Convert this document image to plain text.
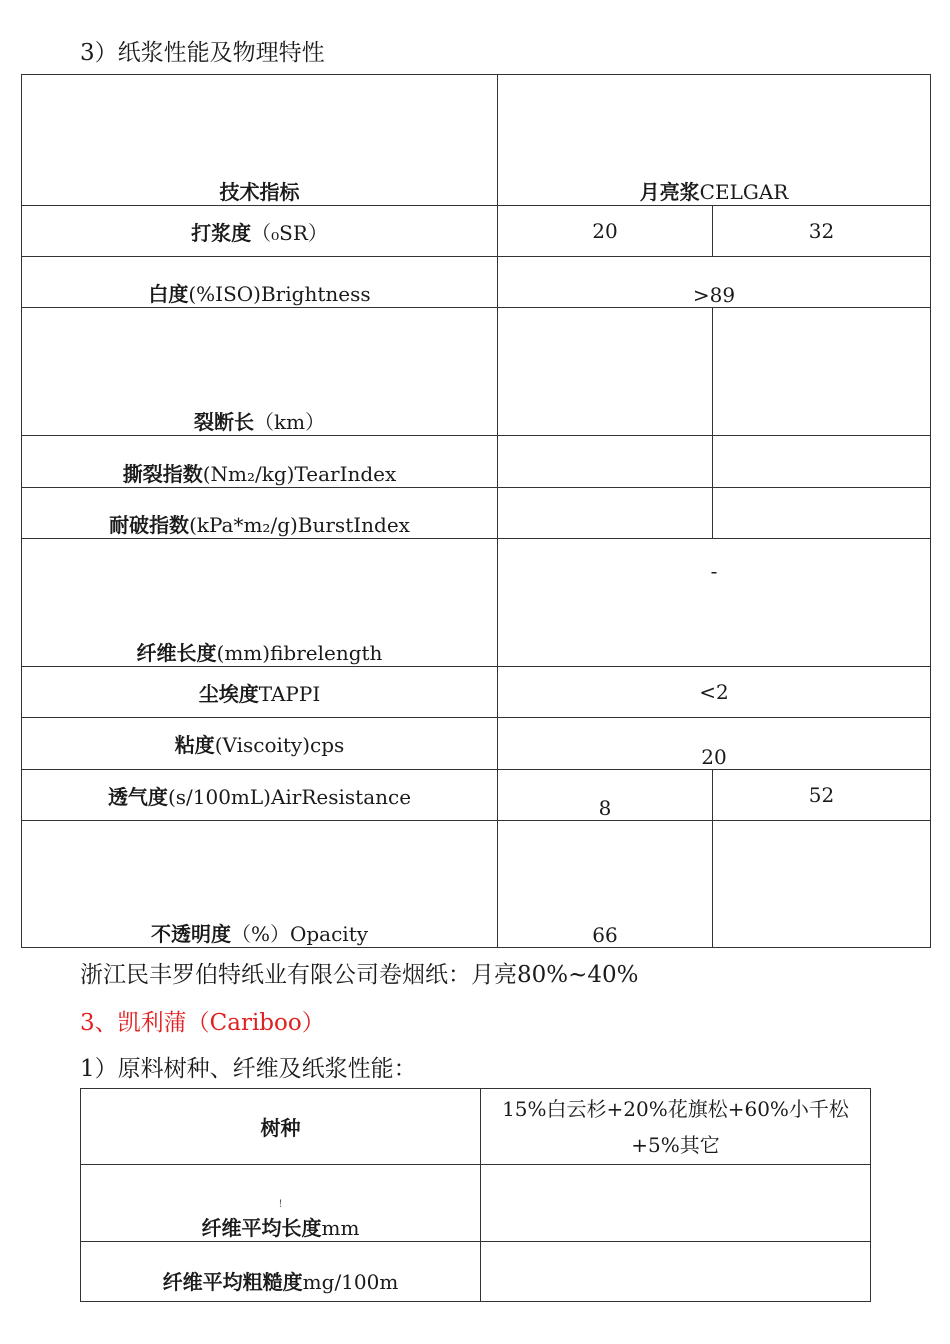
3）纸浆性能及物理特性
技术指标	月亮浆CELGAR	
打浆度（₀SR）	20	32
白度(%ISO)Brightness	>89	
裂断长（km）		
撕裂指数(Nm₂/kg)TearIndex		
耐破指数(kPa*m₂/g)BurstIndex		
纤维长度(mm)fibrelength	-	
尘埃度TAPPI	<2	
粘度(Viscoity)cps	20	
透气度(s/100mL)AirResistance	8	52
不透明度（%）Opacity	66	
浙江民丰罗伯特纸业有限公司卷烟纸：月亮80%~40%
3、凯利蒲（Cariboo）
1）原料树种、纤维及纸浆性能：
树种	15%白云杉+20%花旗松+60%小千松+5%其它
!
纤维平均长度mm	
纤维平均粗糙度mg/100m	
